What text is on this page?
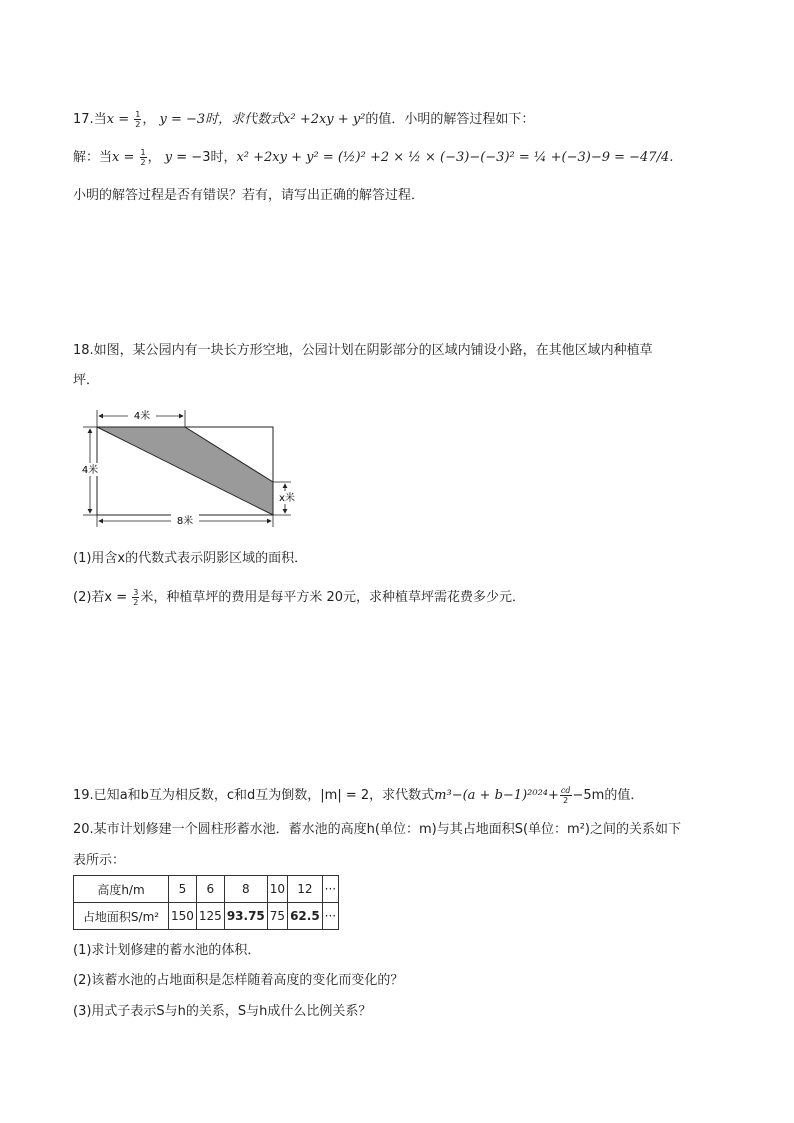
17.当$x = \frac{1}{2}$ ， y = −3时，求代数式x² +2xy + y²的值．小明的解答过程如下：
解：当$x = \frac{1}{2}$ ， y = −3时，x² +2xy + y² = (½)² +2 × ½ × (−3)−(−3)² = ¼ +(−3)−9 = −47/4.
小明的解答过程是否有错误？若有，请写出正确的解答过程．
18.如图，某公园内有一块长方形空地，公园计划在阴影部分的区域内铺设小路，在其他区域内种植草
坪．
4米
4米
8米
x米
(1)用含x的代数式表示阴影区域的面积．
(2)若$x = \frac{3}{2}$ 米，种植草坪的费用是每平方米 20元，求种植草坪需花费多少元．
19.已知a和b互为相反数，c和d互为倒数，|m| = 2，求代数式$m^3-(a + b-1)^{2024}+ \frac{cd}{2} -5m$的值．
20.某市计划修建一个圆柱形蓄水池．蓄水池的高度h(单位：m)与其占地面积S(单位：m²)之间的关系如下
表所示：
高度h/m	5	6	8	10	12	···
占地面积S/m²	150	125	93.75	75	62.5	···
(1)求计划修建的蓄水池的体积．
(2)该蓄水池的占地面积是怎样随着高度的变化而变化的？
(3)用式子表示S与h的关系，S与h成什么比例关系？
